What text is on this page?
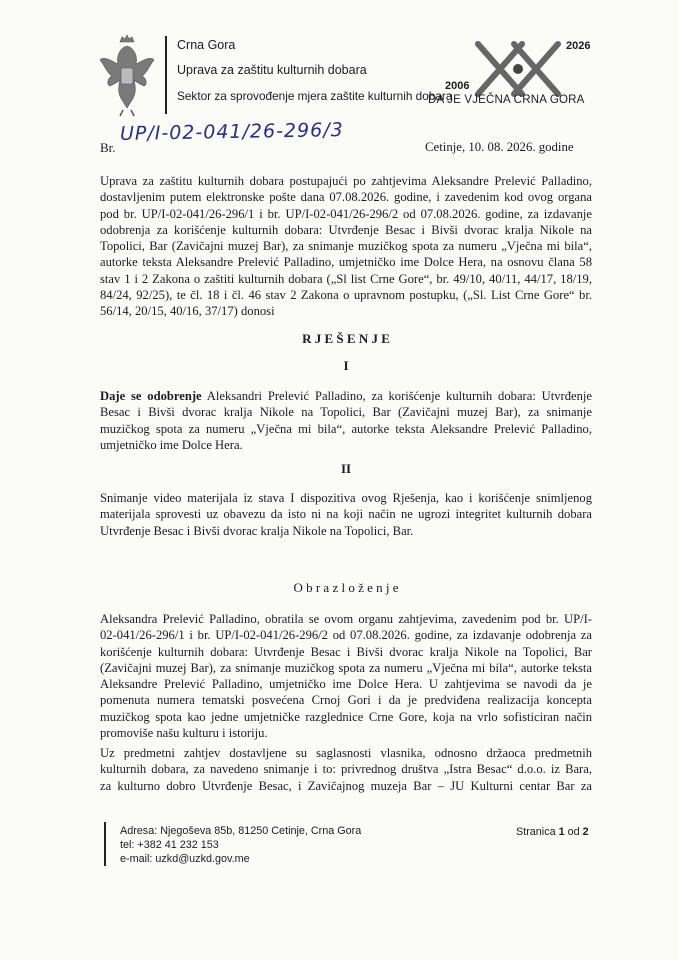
Crna Gora
Uprava za zaštitu kulturnih dobara
Sektor za sprovođenje mjera zaštite kulturnih dobara
2026
2006
DA JE VJEČNA CRNA GORA
Br.
UP/I-02-041/26-296/3
Cetinje, 10. 08. 2026. godine
Uprava za zaštitu kulturnih dobara postupajući po zahtjevima Aleksandre Prelević Palladino,
dostavljenim putem elektronske pošte dana 07.08.2026. godine, i zavedenim kod ovog organa
pod br. UP/I-02-041/26-296/1 i br. UP/I-02-041/26-296/2 od 07.08.2026. godine, za izdavanje
odobrenja za korišćenje kulturnih dobara: Utvrđenje Besac i Bivši dvorac kralja Nikole na
Topolici, Bar (Zavičajni muzej Bar), za snimanje muzičkog spota za numeru „Vječna mi bila“,
autorke teksta Aleksandre Prelević Palladino, umjetničko ime Dolce Hera, na osnovu člana 58
stav 1 i 2 Zakona o zaštiti kulturnih dobara („Sl list Crne Gore“, br. 49/10, 40/11, 44/17, 18/19,
84/24, 92/25), te čl. 18 i čl. 46 stav 2 Zakona o upravnom postupku, („Sl. List Crne Gore“ br.
56/14, 20/15, 40/16, 37/17) donosi
R J E Š E N J E
I
Daje se odobrenje Aleksandri Prelević Palladino, za korišćenje kulturnih dobara: Utvrđenje
Besac i Bivši dvorac kralja Nikole na Topolici, Bar (Zavičajni muzej Bar), za snimanje
muzičkog spota za numeru „Vječna mi bila“, autorke teksta Aleksandre Prelević Palladino,
umjetničko ime Dolce Hera.
II
Snimanje video materijala iz stava I dispozitiva ovog Rješenja, kao i korišćenje snimljenog
materijala sprovesti uz obavezu da isto ni na koji način ne ugrozi integritet kulturnih dobara
Utvrđenje Besac i Bivši dvorac kralja Nikole na Topolici, Bar.
O b r a z l o ž e n j e
Aleksandra Prelević Palladino, obratila se ovom organu zahtjevima, zavedenim pod br. UP/I-
02-041/26-296/1 i br. UP/I-02-041/26-296/2 od 07.08.2026. godine, za izdavanje odobrenja za
korišćenje kulturnih dobara: Utvrđenje Besac i Bivši dvorac kralja Nikole na Topolici, Bar
(Zavičajni muzej Bar), za snimanje muzičkog spota za numeru „Vječna mi bila“, autorke teksta
Aleksandre Prelević Palladino, umjetničko ime Dolce Hera. U zahtjevima se navodi da je
pomenuta numera tematski posvećena Crnoj Gori i da je predviđena realizacija koncepta
muzičkog spota kao jedne umjetničke razglednice Crne Gore, koja na vrlo sofisticiran način
promoviše našu kulturu i istoriju.
Uz predmetni zahtjev dostavljene su saglasnosti vlasnika, odnosno držaoca predmetnih
kulturnih dobara, za navedeno snimanje i to: privrednog društva „Istra Besac“ d.o.o. iz Bara,
za kulturno dobro Utvrđenje Besac, i Zavičajnog muzeja Bar – JU Kulturni centar Bar za
Adresa: Njegoševa 85b, 81250 Cetinje, Crna Gora
tel: +382 41 232 153
e-mail: uzkd@uzkd.gov.me
Stranica 1 od 2
